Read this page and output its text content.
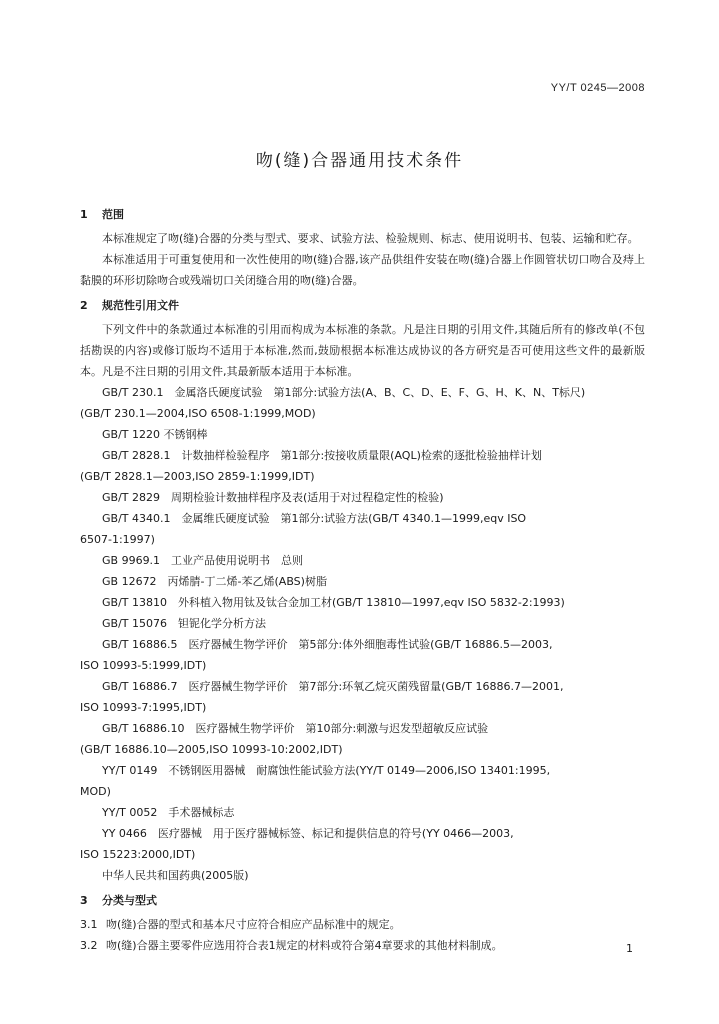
YY/T 0245—2008
吻(缝)合器通用技术条件
1	范围

本标准规定了吻(缝)合器的分类与型式、要求、试验方法、检验规则、标志、使用说明书、包装、运输和贮存。

本标准适用于可重复使用和一次性使用的吻(缝)合器,该产品供组件安装在吻(缝)合器上作圆管状切口吻合及痔上黏膜的环形切除吻合或残端切口关闭缝合用的吻(缝)合器。

2	规范性引用文件

下列文件中的条款通过本标准的引用而构成为本标准的条款。凡是注日期的引用文件,其随后所有的修改单(不包括勘误的内容)或修订版均不适用于本标准,然而,鼓励根据本标准达成协议的各方研究是否可使用这些文件的最新版本。凡是不注日期的引用文件,其最新版本适用于本标准。

GB/T 230.1　金属洛氏硬度试验　第1部分:试验方法(A、B、C、D、E、F、G、H、K、N、T标尺)
(GB/T 230.1—2004,ISO 6508-1:1999,MOD)

GB/T 1220 不锈钢棒

GB/T 2828.1　计数抽样检验程序　第1部分:按接收质量限(AQL)检索的逐批检验抽样计划
(GB/T 2828.1—2003,ISO 2859-1:1999,IDT)

GB/T 2829　周期检验计数抽样程序及表(适用于对过程稳定性的检验)

GB/T 4340.1　金属维氏硬度试验　第1部分:试验方法(GB/T 4340.1—1999,eqv ISO
6507-1:1997)

GB 9969.1　工业产品使用说明书　总则

GB 12672　丙烯腈-丁二烯-苯乙烯(ABS)树脂

GB/T 13810　外科植入物用钛及钛合金加工材(GB/T 13810—1997,eqv ISO 5832-2:1993)

GB/T 15076　钽铌化学分析方法

GB/T 16886.5　医疗器械生物学评价　第5部分:体外细胞毒性试验(GB/T 16886.5—2003,
ISO 10993-5:1999,IDT)

GB/T 16886.7　医疗器械生物学评价　第7部分:环氧乙烷灭菌残留量(GB/T 16886.7—2001,
ISO 10993-7:1995,IDT)

GB/T 16886.10　医疗器械生物学评价　第10部分:刺激与迟发型超敏反应试验
(GB/T 16886.10—2005,ISO 10993-10:2002,IDT)

YY/T 0149　不锈钢医用器械　耐腐蚀性能试验方法(YY/T 0149—2006,ISO 13401:1995,
MOD)

YY/T 0052　手术器械标志

YY 0466　医疗器械　用于医疗器械标签、标记和提供信息的符号(YY 0466—2003,
ISO 15223:2000,IDT)

中华人民共和国药典(2005版)

3	分类与型式

3.1 吻(缝)合器的型式和基本尺寸应符合相应产品标准中的规定。

3.2 吻(缝)合器主要零件应选用符合表1规定的材料或符合第4章要求的其他材料制成。	1
